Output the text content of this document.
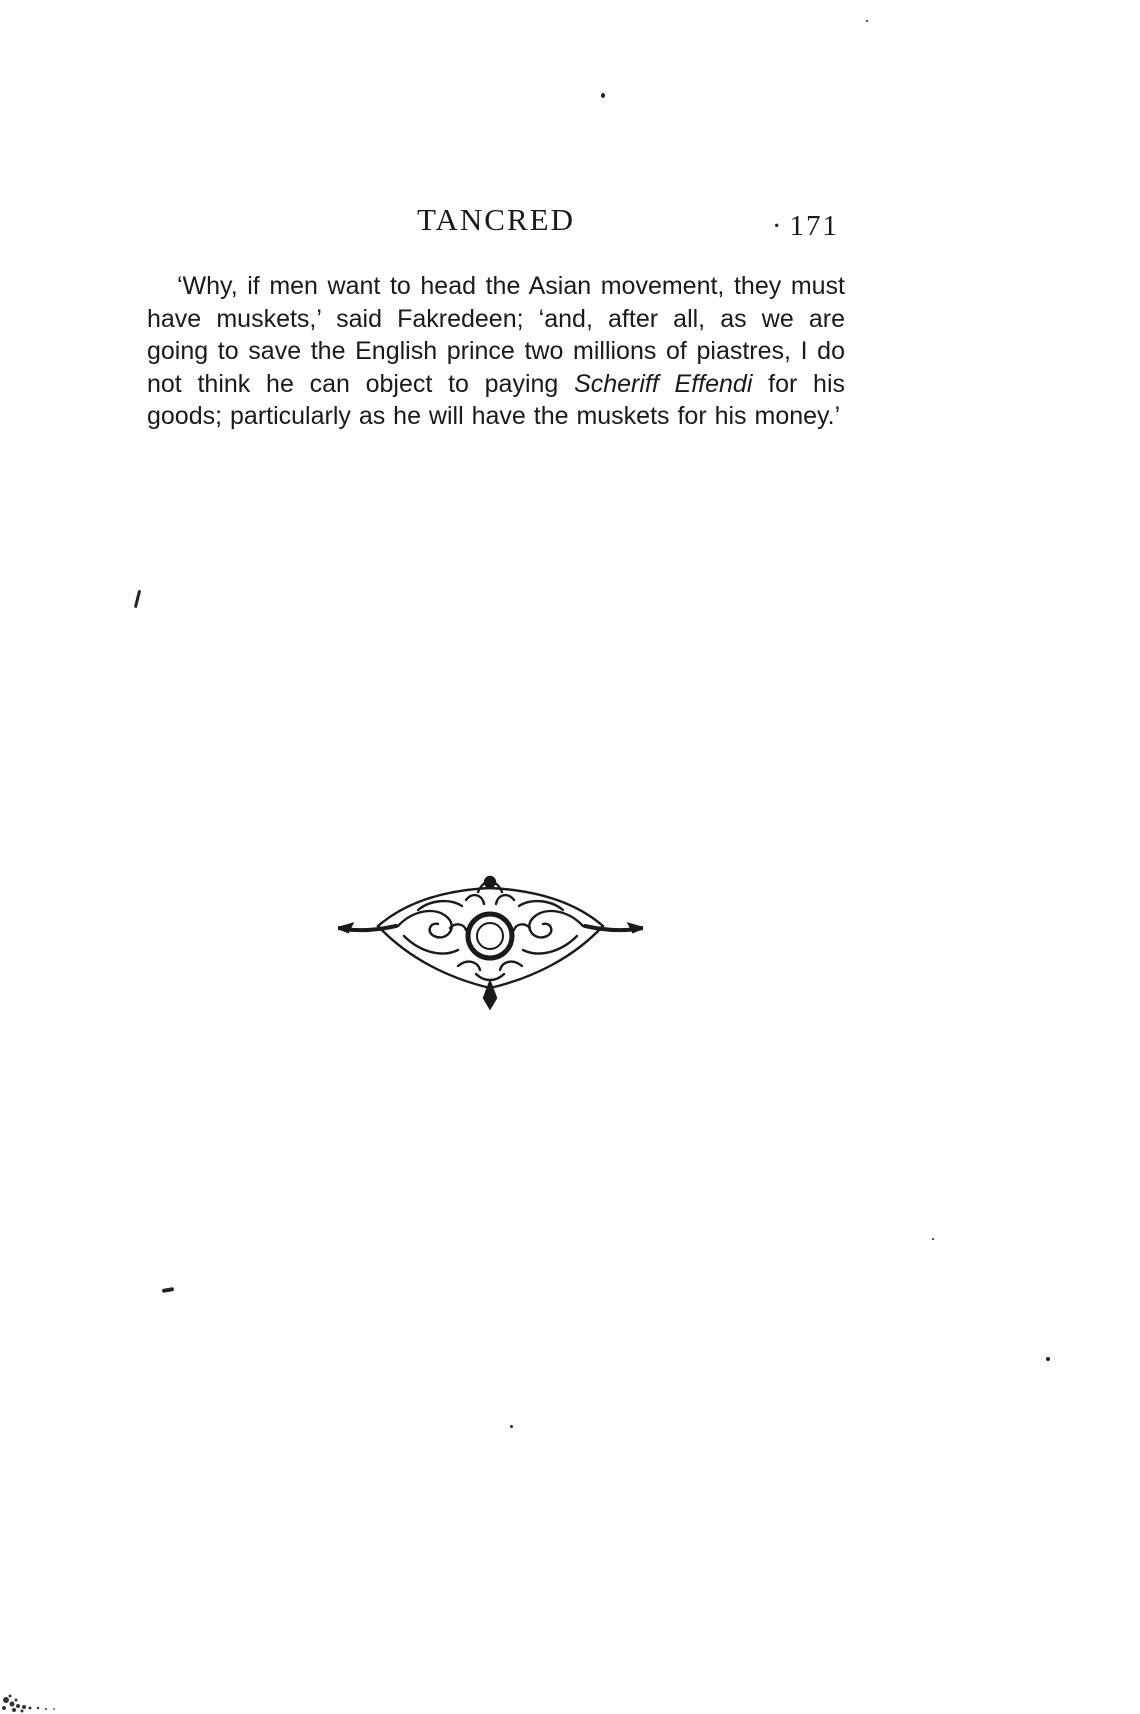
TANCRED
·	171

‘Why, if men want to head the Asian movement, they must have muskets,’ said Fakredeen; ‘and, after all, as we are going to save the English prince two millions of piastres, I do not think he can object to paying Scheriff Effendi for his goods; particularly as he will have the muskets for his money.’
